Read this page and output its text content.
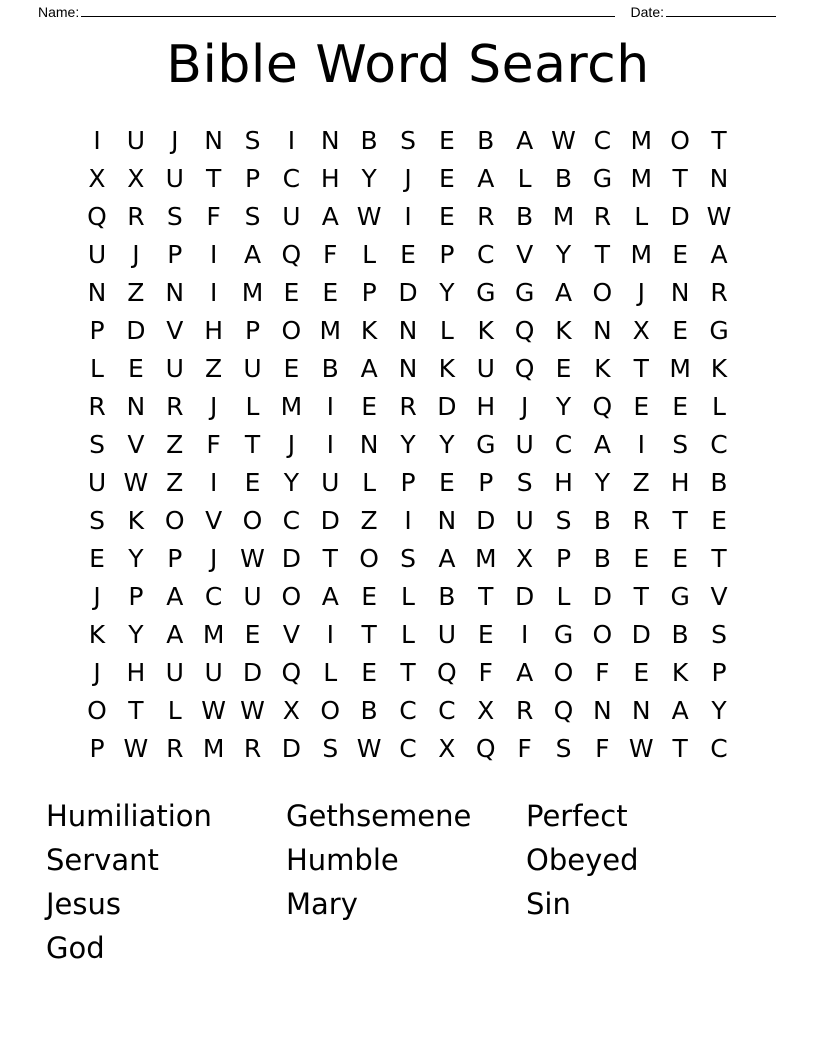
Name:	Date:
Bible Word Search
I	U	J	N S	I	N B S E B A W C M O T
X X U T P C H Y	J	E A L B G M T N
Q R S F S U A W I	E R B M R L D W
U	J	P	I	A Q F L E P C V Y T M E A
N Z N	I M E E P D Y G G A O	J	N R
P D V H P O M K N L K Q K N X E G
L E U Z U E B A N K U Q E K T M K
R N R	J	L M I	E R D H	J	Y Q E E L
S V Z F T	J	I	N Y Y G U C A	I	S C
U W Z	I	E Y U L P E P S H Y Z H B
S K O V O C D Z	I	N D U S B R T E
E Y P	J W D T O S A M X P B E E T
J	P A C U O A E L B T D L D T G V
K Y A M E V	I	T L U E	I	G O D B S
J	H U U D Q L E T Q F A O F E K P
O T L W W X O B C C X R Q N N A Y
P W R M R D S W C X Q F S F W T C
Humiliation
Servant
Jesus
God
Gethsemene
Humble
Mary
Perfect
Obeyed
Sin
